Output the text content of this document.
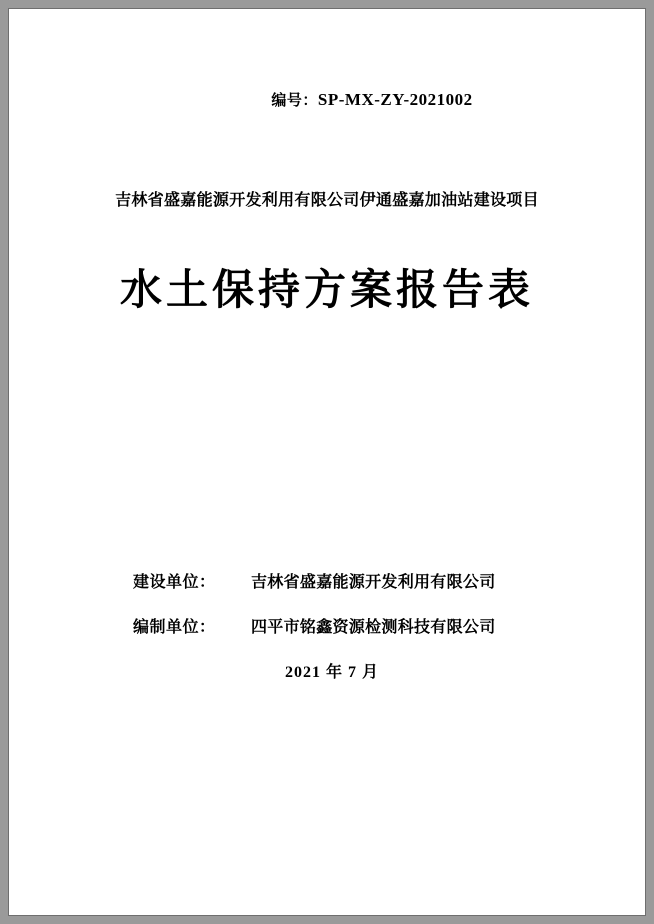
编号：SP-MX-ZY-2021002
吉林省盛嘉能源开发利用有限公司伊通盛嘉加油站建设项目
水土保持方案报告表
建设单位：	吉林省盛嘉能源开发利用有限公司
编制单位：	四平市铭鑫资源检测科技有限公司
2021 年 7 月
